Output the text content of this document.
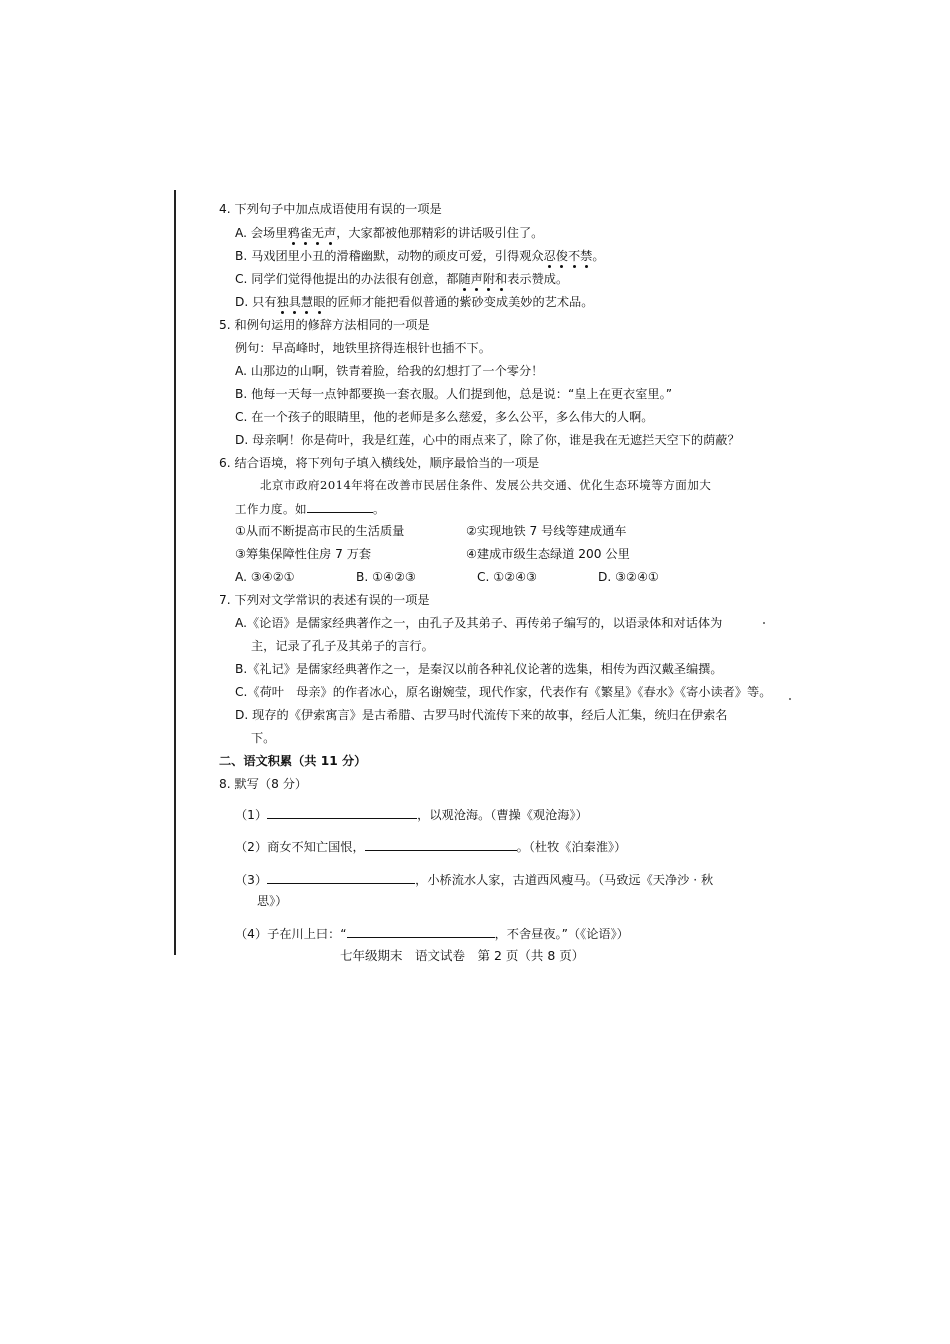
4. 下列句子中加点成语使用有误的一项是
A. 会场里鸦雀无声，大家都被他那精彩的讲话吸引住了。
B. 马戏团里小丑的滑稽幽默，动物的顽皮可爱，引得观众忍俊不禁。
C. 同学们觉得他提出的办法很有创意，都随声附和表示赞成。
D. 只有独具慧眼的匠师才能把看似普通的紫砂变成美妙的艺术品。
5. 和例句运用的修辞方法相同的一项是
例句：早高峰时，地铁里挤得连根针也插不下。
A. 山那边的山啊，铁青着脸，给我的幻想打了一个零分！
B. 他每一天每一点钟都要换一套衣服。人们提到他，总是说：“皇上在更衣室里。”
C. 在一个孩子的眼睛里，他的老师是多么慈爱，多么公平，多么伟大的人啊。
D. 母亲啊！你是荷叶，我是红莲，心中的雨点来了，除了你，谁是我在无遮拦天空下的荫蔽？
6. 结合语境，将下列句子填入横线处，顺序最恰当的一项是
北京市政府2014年将在改善市民居住条件、发展公共交通、优化生态环境等方面加大
工作力度。如	。
①从而不断提高市民的生活质量	②实现地铁 7 号线等建成通车
③筹集保障性住房 7 万套	④建成市级生态绿道 200 公里
A. ③④②①	B. ①④②③	C. ①②④③	D. ③②④①
7. 下列对文学常识的表述有误的一项是
A.《论语》是儒家经典著作之一，由孔子及其弟子、再传弟子编写的，以语录体和对话体为
主，记录了孔子及其弟子的言行。
B.《礼记》是儒家经典著作之一，是秦汉以前各种礼仪论著的选集，相传为西汉戴圣编撰。
C.《荷叶　母亲》的作者冰心，原名谢婉莹，现代作家，代表作有《繁星》《春水》《寄小读者》等。
D. 现存的《伊索寓言》是古希腊、古罗马时代流传下来的故事，经后人汇集，统归在伊索名
下。
二、语文积累（共 11 分）
8. 默写（8 分）
（1）	，以观沧海。（曹操《观沧海》）
（2）商女不知亡国恨，	。（杜牧《泊秦淮》）
（3）	，小桥流水人家，古道西风瘦马。（马致远《天净沙 · 秋
思》）
（4）子在川上曰：“	，不舍昼夜。”（《论语》）
七年级期末　语文试卷　第 2 页（共 8 页）
